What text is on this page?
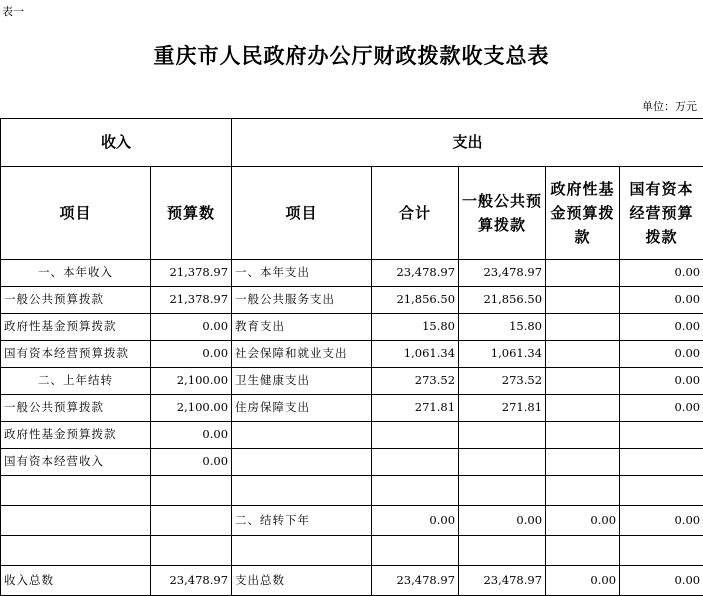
表一
重庆市人民政府办公厅财政拨款收支总表
单位：万元
收入		支出				
项目	预算数	项目	合计	一般公共预算拨款	政府性基金预算拨款	国有资本经营预算拨款
一、本年收入	21,378.97	一、本年支出	23,478.97	23,478.97		0.00
一般公共预算拨款	21,378.97	一般公共服务支出	21,856.50	21,856.50		0.00
政府性基金预算拨款	0.00	教育支出	15.80	15.80		0.00
国有资本经营预算拨款	0.00	社会保障和就业支出	1,061.34	1,061.34		0.00
二、上年结转	2,100.00	卫生健康支出	273.52	273.52		0.00
一般公共预算拨款	2,100.00	住房保障支出	271.81	271.81		0.00
政府性基金预算拨款	0.00					
国有资本经营收入	0.00					

		二、结转下年	0.00	0.00	0.00	0.00

收入总数	23,478.97	支出总数	23,478.97	23,478.97	0.00	0.00
